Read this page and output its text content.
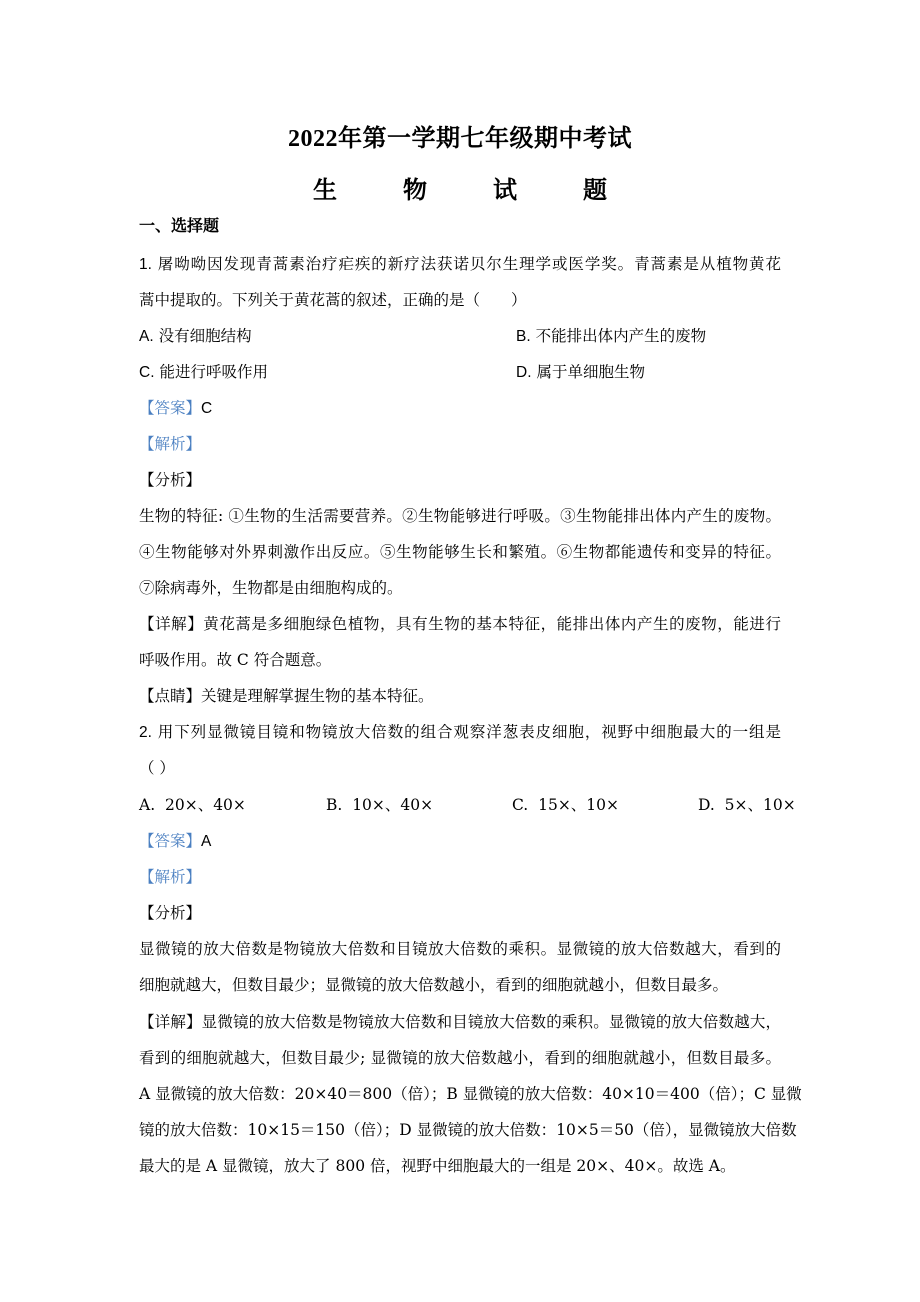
2022年第一学期七年级期中考试
生 物 试 题
一、选择题
1. 屠呦呦因发现青蒿素治疗疟疾的新疗法获诺贝尔生理学或医学奖。青蒿素是从植物黄花
蒿中提取的。下列关于黄花蒿的叙述，正确的是（　　）
A. 没有细胞结构	B. 不能排出体内产生的废物
C. 能进行呼吸作用	D. 属于单细胞生物
【答案】C
【解析】
【分析】
生物的特征: ①生物的生活需要营养。②生物能够进行呼吸。③生物能排出体内产生的废物。
④生物能够对外界刺激作出反应。⑤生物能够生长和繁殖。⑥生物都能遗传和变异的特征。
⑦除病毒外，生物都是由细胞构成的。
【详解】黄花蒿是多细胞绿色植物，具有生物的基本特征，能排出体内产生的废物，能进行
呼吸作用。故 C 符合题意。
【点睛】关键是理解掌握生物的基本特征。
2. 用下列显微镜目镜和物镜放大倍数的组合观察洋葱表皮细胞，视野中细胞最大的一组是
（ ）
A. 20×、40×	B. 10×、40×	C. 15×、10×	D. 5×、10×
【答案】A
【解析】
【分析】
显微镜的放大倍数是物镜放大倍数和目镜放大倍数的乘积。显微镜的放大倍数越大，看到的
细胞就越大，但数目最少；显微镜的放大倍数越小，看到的细胞就越小，但数目最多。
【详解】显微镜的放大倍数是物镜放大倍数和目镜放大倍数的乘积。显微镜的放大倍数越大，
看到的细胞就越大，但数目最少; 显微镜的放大倍数越小，看到的细胞就越小，但数目最多。
A 显微镜的放大倍数：20×40＝800（倍）；B 显微镜的放大倍数：40×10＝400（倍）；C 显微
镜的放大倍数：10×15＝150（倍）；D 显微镜的放大倍数：10×5＝50（倍），显微镜放大倍数
最大的是 A 显微镜，放大了 800 倍，视野中细胞最大的一组是 20×、40×。故选 A。
